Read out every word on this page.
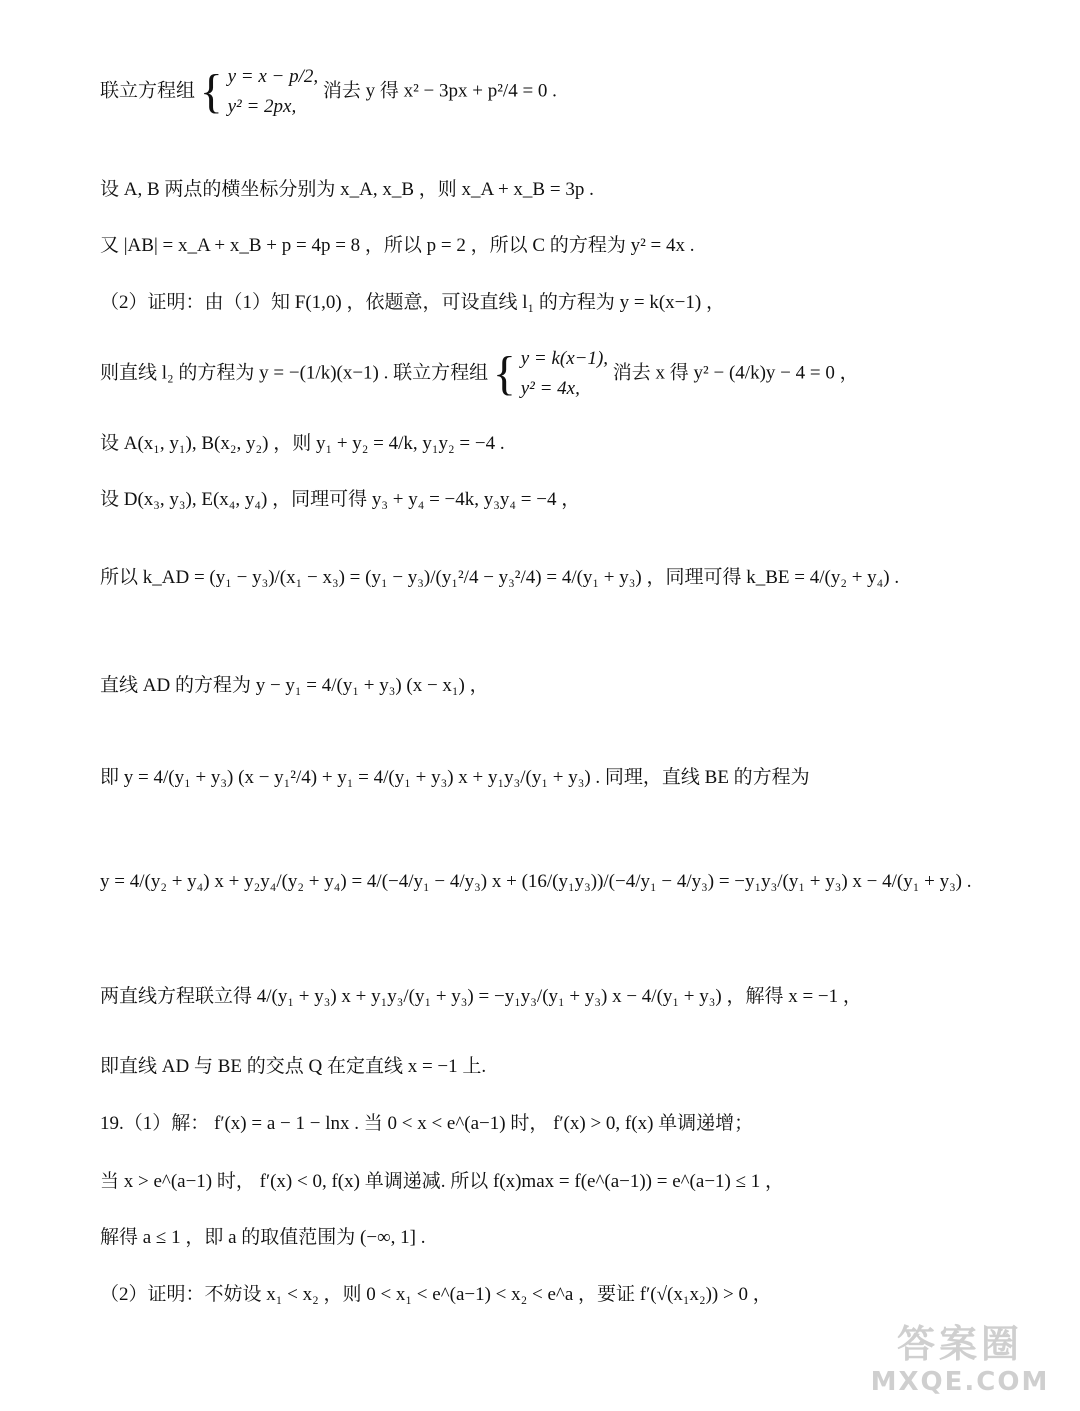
联立方程组 { y = x − p/2,
y² = 2px,
消去 y 得 x² − 3px + p²/4 = 0 .
设 A, B 两点的横坐标分别为 x_A, x_B ，则 x_A + x_B = 3p .
又 |AB| = x_A + x_B + p = 4p = 8 ，所以 p = 2 ，所以 C 的方程为 y² = 4x .
（2）证明：由（1）知 F(1,0) ，依题意，可设直线 l₁ 的方程为 y = k(x−1) ，
则直线 l₂ 的方程为 y = −(1/k)(x−1) . 联立方程组 { y = k(x−1),
y² = 4x,
消去 x 得 y² − (4/k)y − 4 = 0 ，
设 A(x₁, y₁), B(x₂, y₂) ，则 y₁ + y₂ = 4/k, y₁y₂ = −4 .
设 D(x₃, y₃), E(x₄, y₄) ，同理可得 y₃ + y₄ = −4k, y₃y₄ = −4 ，
所以 k_AD = (y₁ − y₃)/(x₁ − x₃) = (y₁ − y₃)/(y₁²/4 − y₃²/4) = 4/(y₁ + y₃) ，同理可得 k_BE = 4/(y₂ + y₄) .
直线 AD 的方程为 y − y₁ = 4/(y₁ + y₃) (x − x₁) ，
即 y = 4/(y₁ + y₃) (x − y₁²/4) + y₁ = 4/(y₁ + y₃) x + y₁y₃/(y₁ + y₃) . 同理，直线 BE 的方程为
y = 4/(y₂ + y₄) x + y₂y₄/(y₂ + y₄) = 4/(−4/y₁ − 4/y₃) x + (16/(y₁y₃))/(−4/y₁ − 4/y₃) = −y₁y₃/(y₁ + y₃) x − 4/(y₁ + y₃) .
两直线方程联立得 4/(y₁ + y₃) x + y₁y₃/(y₁ + y₃) = −y₁y₃/(y₁ + y₃) x − 4/(y₁ + y₃) ，解得 x = −1 ，
即直线 AD 与 BE 的交点 Q 在定直线 x = −1 上.
19.（1）解： f′(x) = a − 1 − lnx . 当 0 < x < e^(a−1) 时， f′(x) > 0, f(x) 单调递增；
当 x > e^(a−1) 时， f′(x) < 0, f(x) 单调递减. 所以 f(x)max = f(e^(a−1)) = e^(a−1) ≤ 1 ，
解得 a ≤ 1 ，即 a 的取值范围为 (−∞, 1] .
（2）证明：不妨设 x₁ < x₂ ，则 0 < x₁ < e^(a−1) < x₂ < e^a ，要证 f′(√(x₁x₂)) > 0 ，
答案圈
MXQE.COM
